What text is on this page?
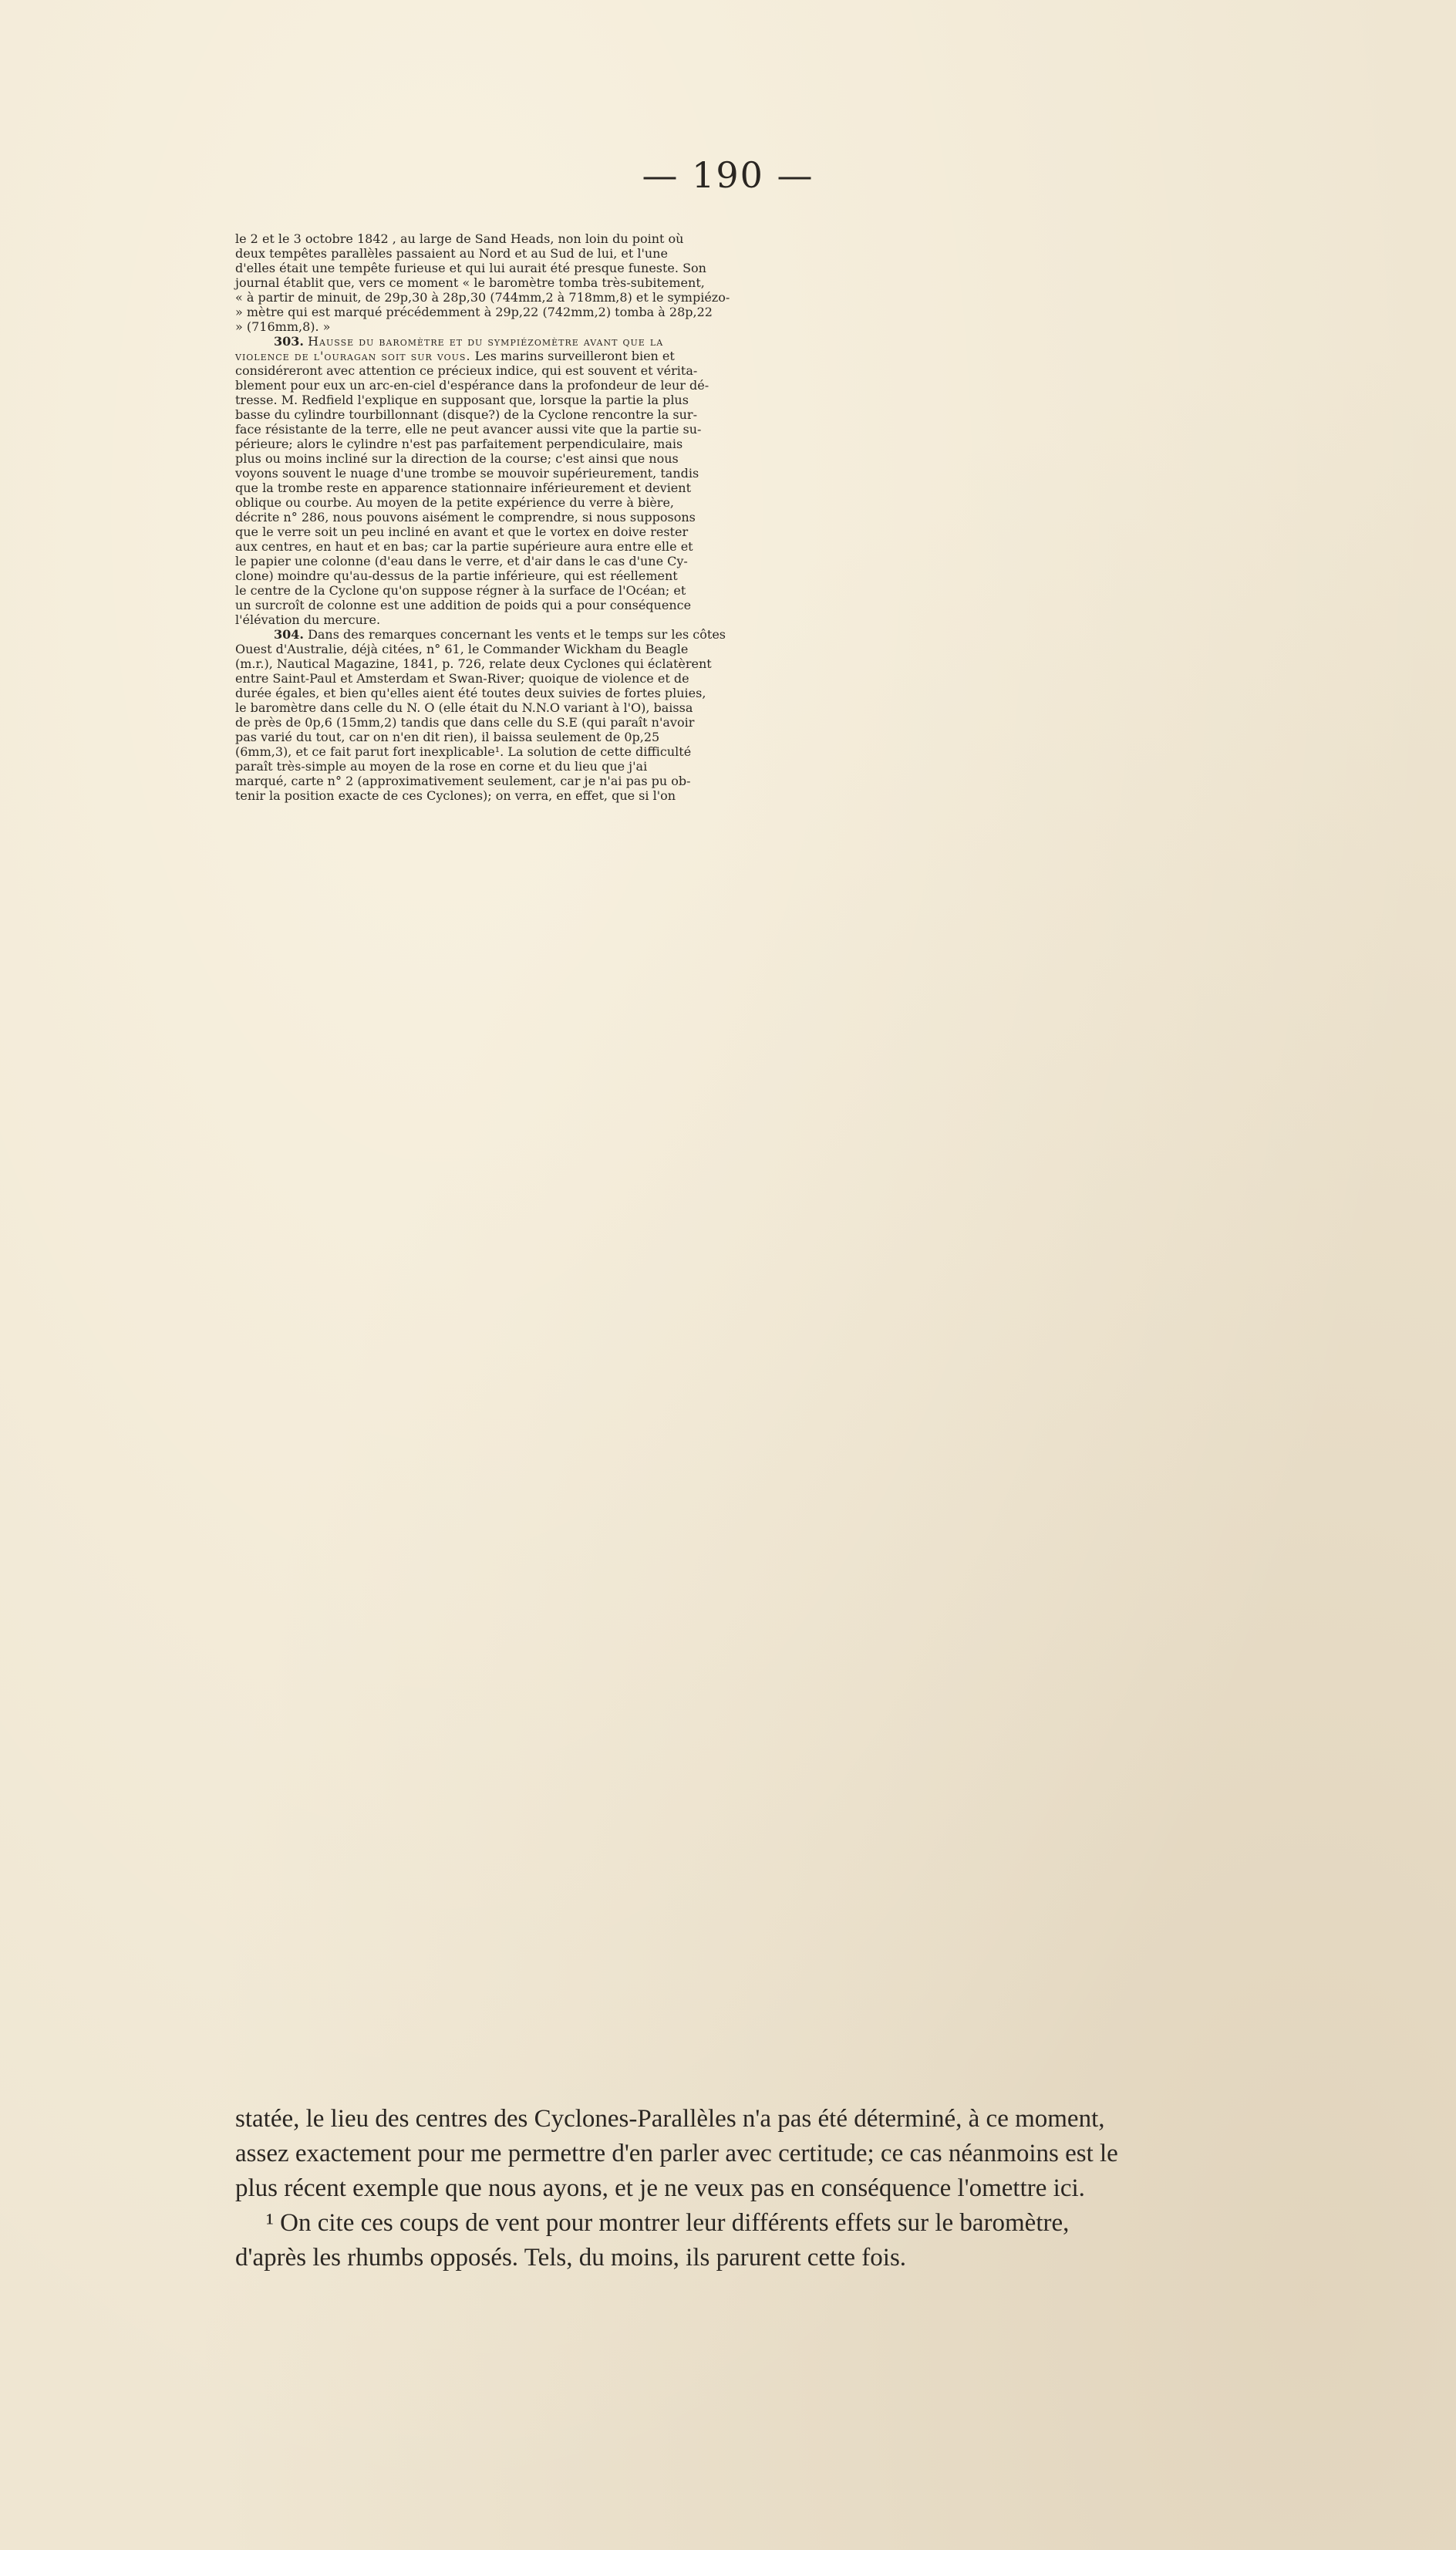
— 190 —
le 2 et le 3 octobre 1842 , au large de Sand Heads, non loin du point où
deux tempêtes parallèles passaient au Nord et au Sud de lui, et l'une
d'elles était une tempête furieuse et qui lui aurait été presque funeste. Son
journal établit que, vers ce moment « le baromètre tomba très-subitement,
« à partir de minuit, de 29p,30 à 28p,30 (744mm,2 à 718mm,8) et le sympiézo-
» mètre qui est marqué précédemment à 29p,22 (742mm,2) tomba à 28p,22
» (716mm,8). »
303. Hausse du baromètre et du sympiézomètre avant que la
violence de l'ouragan soit sur vous. Les marins surveilleront bien et
considéreront avec attention ce précieux indice, qui est souvent et vérita-
blement pour eux un arc-en-ciel d'espérance dans la profondeur de leur dé-
tresse. M. Redfield l'explique en supposant que, lorsque la partie la plus
basse du cylindre tourbillonnant (disque?) de la Cyclone rencontre la sur-
face résistante de la terre, elle ne peut avancer aussi vite que la partie su-
périeure; alors le cylindre n'est pas parfaitement perpendiculaire, mais
plus ou moins incliné sur la direction de la course; c'est ainsi que nous
voyons souvent le nuage d'une trombe se mouvoir supérieurement, tandis
que la trombe reste en apparence stationnaire inférieurement et devient
oblique ou courbe. Au moyen de la petite expérience du verre à bière,
décrite n° 286, nous pouvons aisément le comprendre, si nous supposons
que le verre soit un peu incliné en avant et que le vortex en doive rester
aux centres, en haut et en bas; car la partie supérieure aura entre elle et
le papier une colonne (d'eau dans le verre, et d'air dans le cas d'une Cy-
clone) moindre qu'au-dessus de la partie inférieure, qui est réellement
le centre de la Cyclone qu'on suppose régner à la surface de l'Océan; et
un surcroît de colonne est une addition de poids qui a pour conséquence
l'élévation du mercure.
304. Dans des remarques concernant les vents et le temps sur les côtes
Ouest d'Australie, déjà citées, n° 61, le Commander Wickham du Beagle
(m.r.), Nautical Magazine, 1841, p. 726, relate deux Cyclones qui éclatèrent
entre Saint-Paul et Amsterdam et Swan-River; quoique de violence et de
durée égales, et bien qu'elles aient été toutes deux suivies de fortes pluies,
le baromètre dans celle du N. O (elle était du N.N.O variant à l'O), baissa
de près de 0p,6 (15mm,2) tandis que dans celle du S.E (qui paraît n'avoir
pas varié du tout, car on n'en dit rien), il baissa seulement de 0p,25
(6mm,3), et ce fait parut fort inexplicable¹. La solution de cette difficulté
paraît très-simple au moyen de la rose en corne et du lieu que j'ai
marqué, carte n° 2 (approximativement seulement, car je n'ai pas pu ob-
tenir la position exacte de ces Cyclones); on verra, en effet, que si l'on
statée, le lieu des centres des Cyclones-Parallèles n'a pas été déterminé, à ce moment,
assez exactement pour me permettre d'en parler avec certitude; ce cas néanmoins est le
plus récent exemple que nous ayons, et je ne veux pas en conséquence l'omettre ici.
¹ On cite ces coups de vent pour montrer leur différents effets sur le baromètre,
d'après les rhumbs opposés. Tels, du moins, ils parurent cette fois.
